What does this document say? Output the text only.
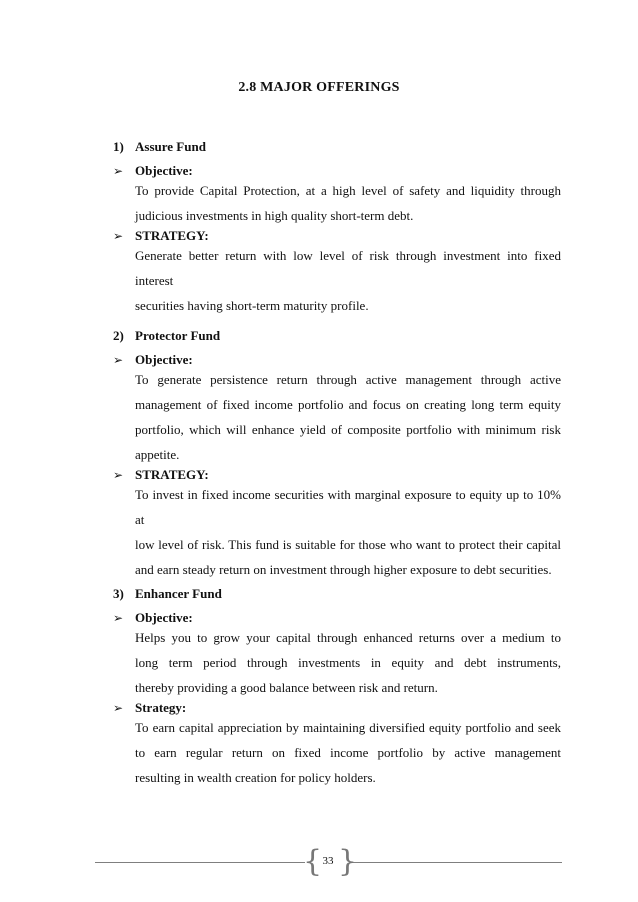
2.8 MAJOR OFFERINGS
1) Assure Fund
➢ Objective:
To provide Capital Protection, at a high level of safety and liquidity through
judicious investments in high quality short-term debt.
➢ STRATEGY:
Generate better return with low level of risk through investment into fixed interest
securities having short-term maturity profile.
2) Protector Fund
➢ Objective:
To generate persistence return through active management through active
management of fixed income portfolio and focus on creating long term equity
portfolio, which will enhance yield of composite portfolio with minimum risk
appetite.
➢ STRATEGY:
To invest in fixed income securities with marginal exposure to equity up to 10% at
low level of risk. This fund is suitable for those who want to protect their capital
and earn steady return on investment through higher exposure to debt securities.
3) Enhancer Fund
➢ Objective:
Helps you to grow your capital through enhanced returns over a medium to
long term period through investments in equity and debt instruments,
thereby providing a good balance between risk and return.
➢ Strategy:
To earn capital appreciation by maintaining diversified equity portfolio and seek
to earn regular return on fixed income portfolio by active management
resulting in wealth creation for policy holders.
{ }
33
